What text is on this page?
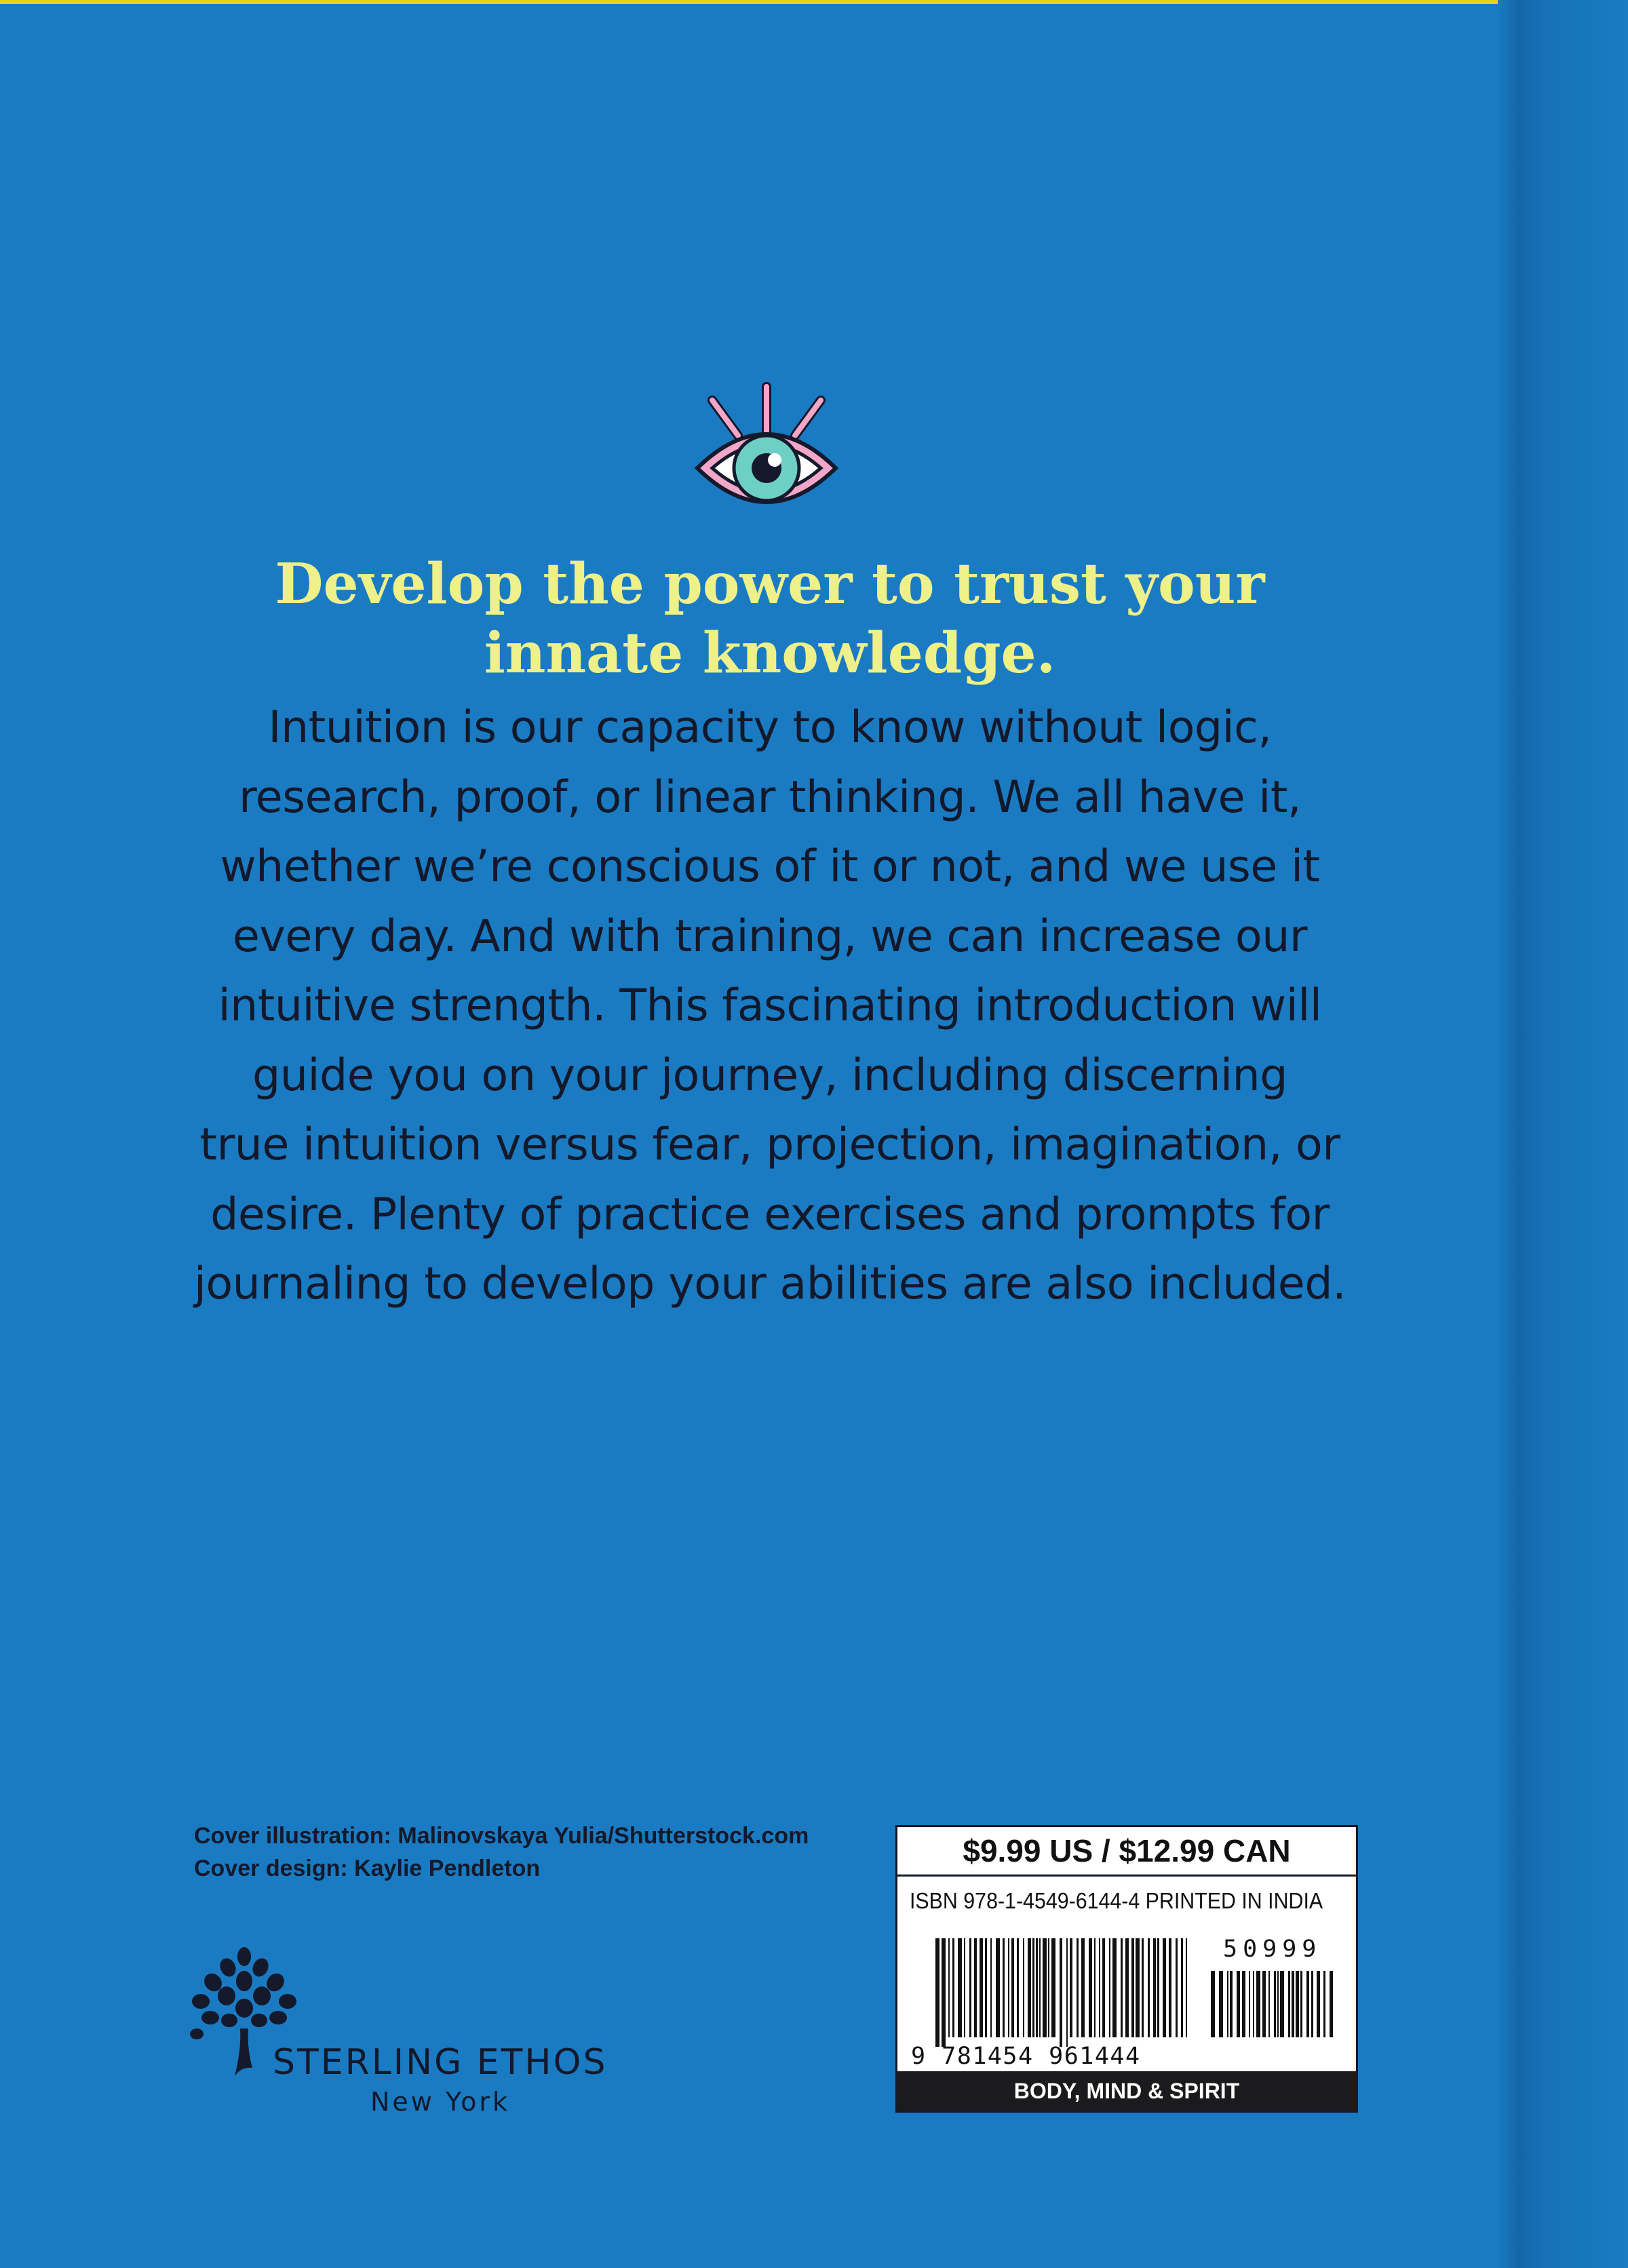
Develop the power to trust your
innate knowledge.
Intuition is our capacity to know without logic,
research, proof, or linear thinking. We all have it,
whether we’re conscious of it or not, and we use it
every day. And with training, we can increase our
intuitive strength. This fascinating introduction will
guide you on your journey, including discerning
true intuition versus fear, projection, imagination, or
desire. Plenty of practice exercises and prompts for
journaling to develop your abilities are also included.
Cover illustration: Malinovskaya Yulia/Shutterstock.com
Cover design: Kaylie Pendleton
STERLING ETHOS
New York
$9.99 US / $12.99 CAN
ISBN 978-1-4549-6144-4 PRINTED IN INDIA
50999
9 781454 961444
BODY, MIND & SPIRIT
